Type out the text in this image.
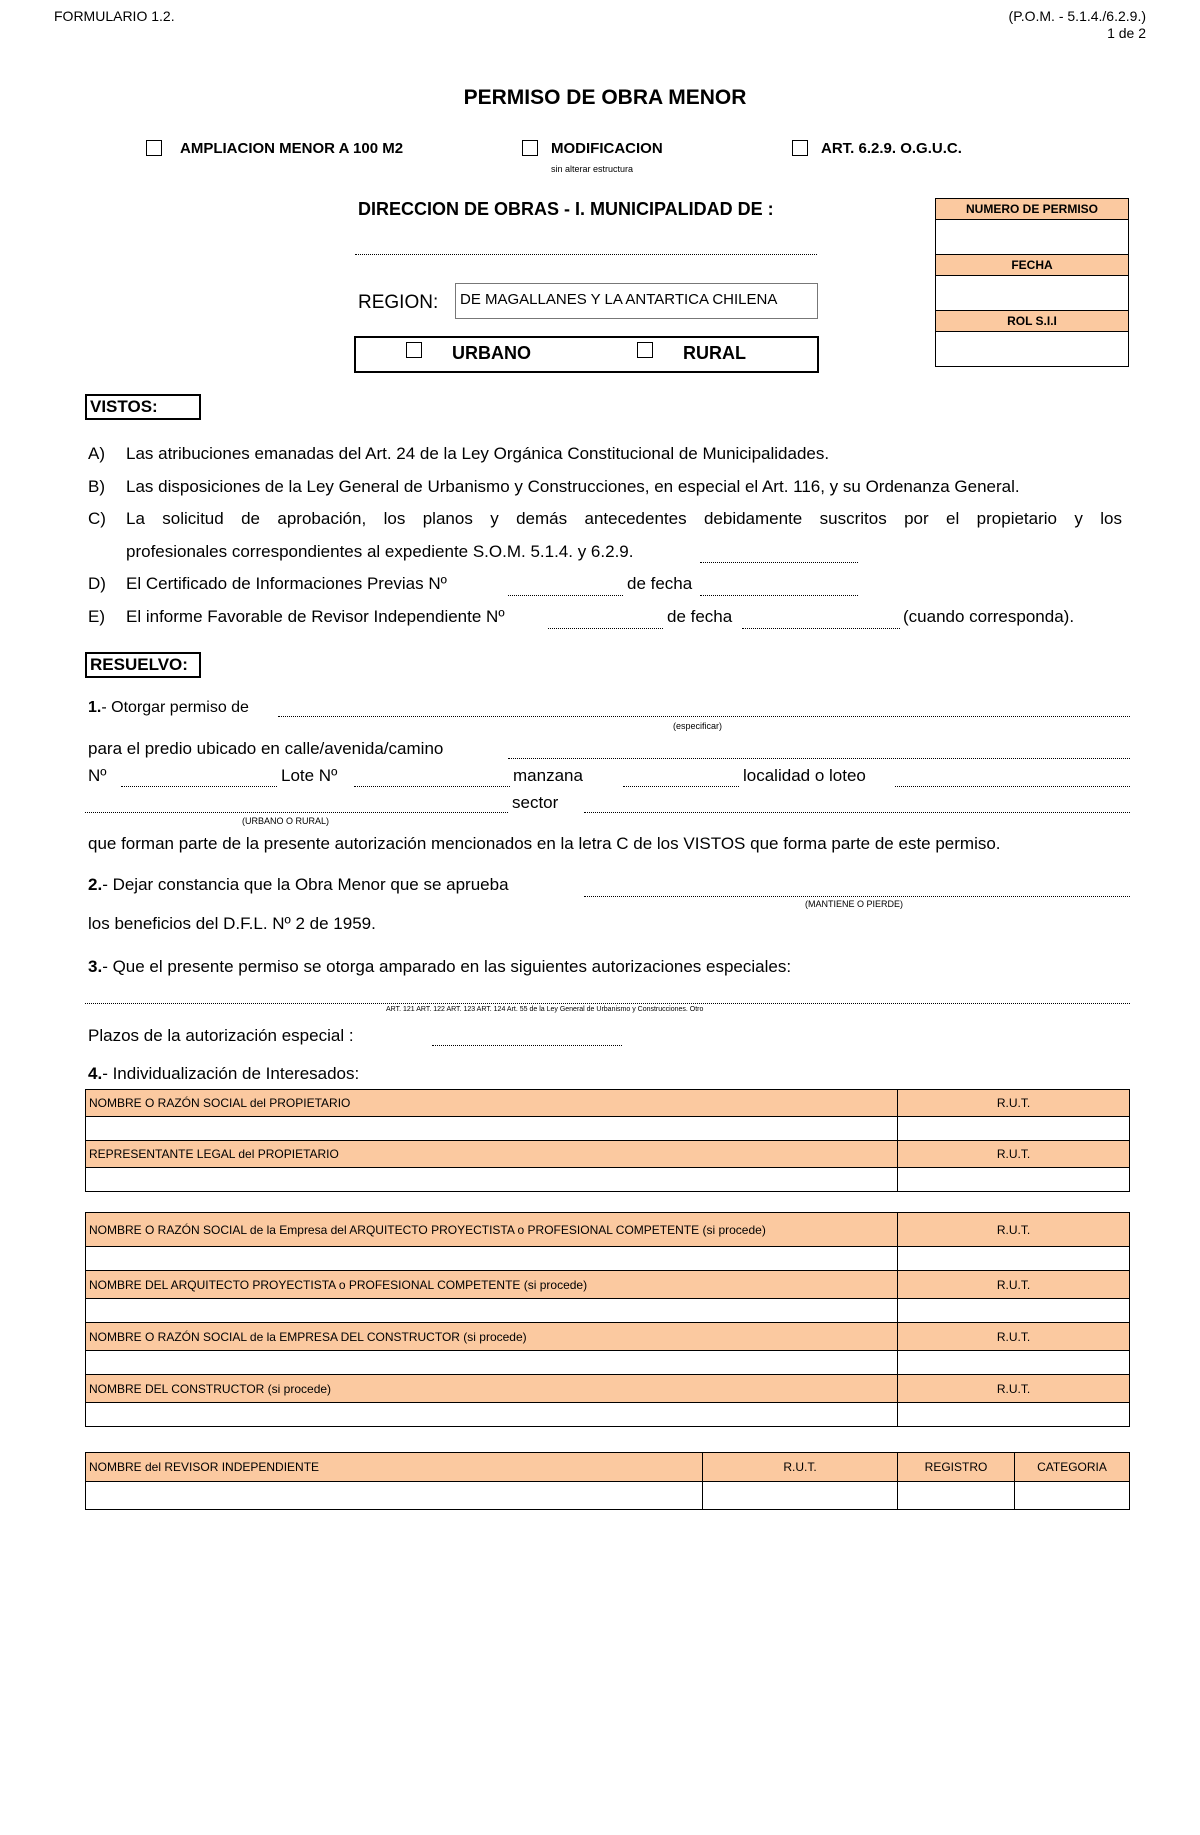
FORMULARIO 1.2.	(P.O.M. - 5.1.4./6.2.9.)
1 de 2
PERMISO DE OBRA MENOR
AMPLIACION MENOR A 100 M2	MODIFICACION
sin alterar estructura
ART. 6.2.9. O.G.U.C.
DIRECCION DE OBRAS - I. MUNICIPALIDAD DE :
REGION:	DE MAGALLANES Y LA ANTARTICA CHILENA
URBANO	RURAL
NUMERO DE PERMISO

FECHA

ROL S.I.I

VISTOS:
A) Las atribuciones emanadas del Art. 24 de la Ley Orgánica Constitucional de Municipalidades.
B) Las disposiciones de la Ley General de Urbanismo y Construcciones, en especial el Art. 116, y su Ordenanza General.
C) La solicitud de aprobación, los planos y demás antecedentes debidamente suscritos por el propietario y los
profesionales correspondientes al expediente S.O.M. 5.1.4. y 6.2.9.
D) El Certificado de Informaciones Previas Nº	de fecha
E) El informe Favorable de Revisor Independiente Nº	de fecha	(cuando corresponda).
RESUELVO:
1.- Otorgar permiso de
(especificar)
para el predio ubicado en calle/avenida/camino
Nº	Lote Nº	manzana	localidad o loteo
sector
(URBANO O RURAL)
que forman parte de la presente autorización mencionados en la letra C de los VISTOS que forma parte de este permiso.
2.- Dejar constancia que la Obra Menor que se aprueba
(MANTIENE O PIERDE)
los beneficios del D.F.L. Nº 2 de 1959.
3.- Que el presente permiso se otorga amparado en las siguientes autorizaciones especiales:
ART. 121 ART. 122 ART. 123 ART. 124 Art. 55 de la Ley General de Urbanismo y Construcciones. Otro
Plazos de la autorización especial :
4.- Individualización de Interesados:
NOMBRE O RAZÓN SOCIAL del PROPIETARIO	R.U.T.

REPRESENTANTE LEGAL del PROPIETARIO	R.U.T.

NOMBRE O RAZÓN SOCIAL de la Empresa del ARQUITECTO PROYECTISTA o PROFESIONAL COMPETENTE (si procede)	R.U.T.

NOMBRE DEL ARQUITECTO PROYECTISTA o PROFESIONAL COMPETENTE (si procede)	R.U.T.

NOMBRE O RAZÓN SOCIAL de la EMPRESA DEL CONSTRUCTOR (si procede)	R.U.T.

NOMBRE DEL CONSTRUCTOR (si procede)	R.U.T.

NOMBRE del REVISOR INDEPENDIENTE	R.U.T.	REGISTRO	CATEGORIA
